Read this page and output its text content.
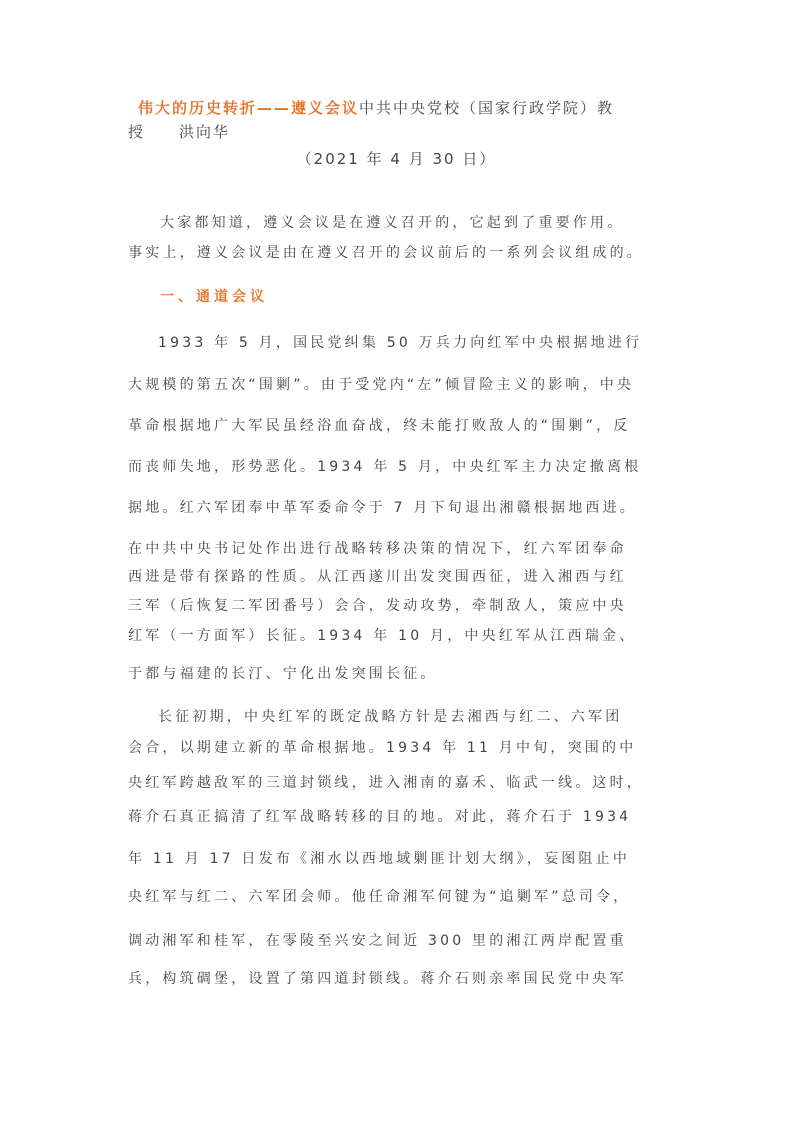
伟大的历史转折——遵义会议中共中央党校（国家行政学院）教
授　　洪向华
（2021 年 4 月 30 日）
大家都知道，遵义会议是在遵义召开的，它起到了重要作用。
事实上，遵义会议是由在遵义召开的会议前后的一系列会议组成的。
一、通道会议
1933 年 5 月，国民党纠集 50 万兵力向红军中央根据地进行
大规模的第五次“围剿”。由于受党内“左”倾冒险主义的影响，中央
革命根据地广大军民虽经浴血奋战，终未能打败敌人的“围剿”，反
而丧师失地，形势恶化。1934 年 5 月，中央红军主力决定撤离根
据地。红六军团奉中革军委命令于 7 月下旬退出湘赣根据地西进。
在中共中央书记处作出进行战略转移决策的情况下，红六军团奉命
西进是带有探路的性质。从江西遂川出发突围西征，进入湘西与红
三军（后恢复二军团番号）会合，发动攻势，牵制敌人，策应中央
红军（一方面军）长征。1934 年 10 月，中央红军从江西瑞金、
于都与福建的长汀、宁化出发突围长征。
长征初期，中央红军的既定战略方针是去湘西与红二、六军团
会合，以期建立新的革命根据地。1934 年 11 月中旬，突围的中
央红军跨越敌军的三道封锁线，进入湘南的嘉禾、临武一线。这时，
蒋介石真正搞清了红军战略转移的目的地。对此，蒋介石于 1934
年 11 月 17 日发布《湘水以西地域剿匪计划大纲》，妄图阻止中
央红军与红二、六军团会师。他任命湘军何键为“追剿军”总司令，
调动湘军和桂军，在零陵至兴安之间近 300 里的湘江两岸配置重
兵，构筑碉堡，设置了第四道封锁线。蒋介石则亲率国民党中央军
